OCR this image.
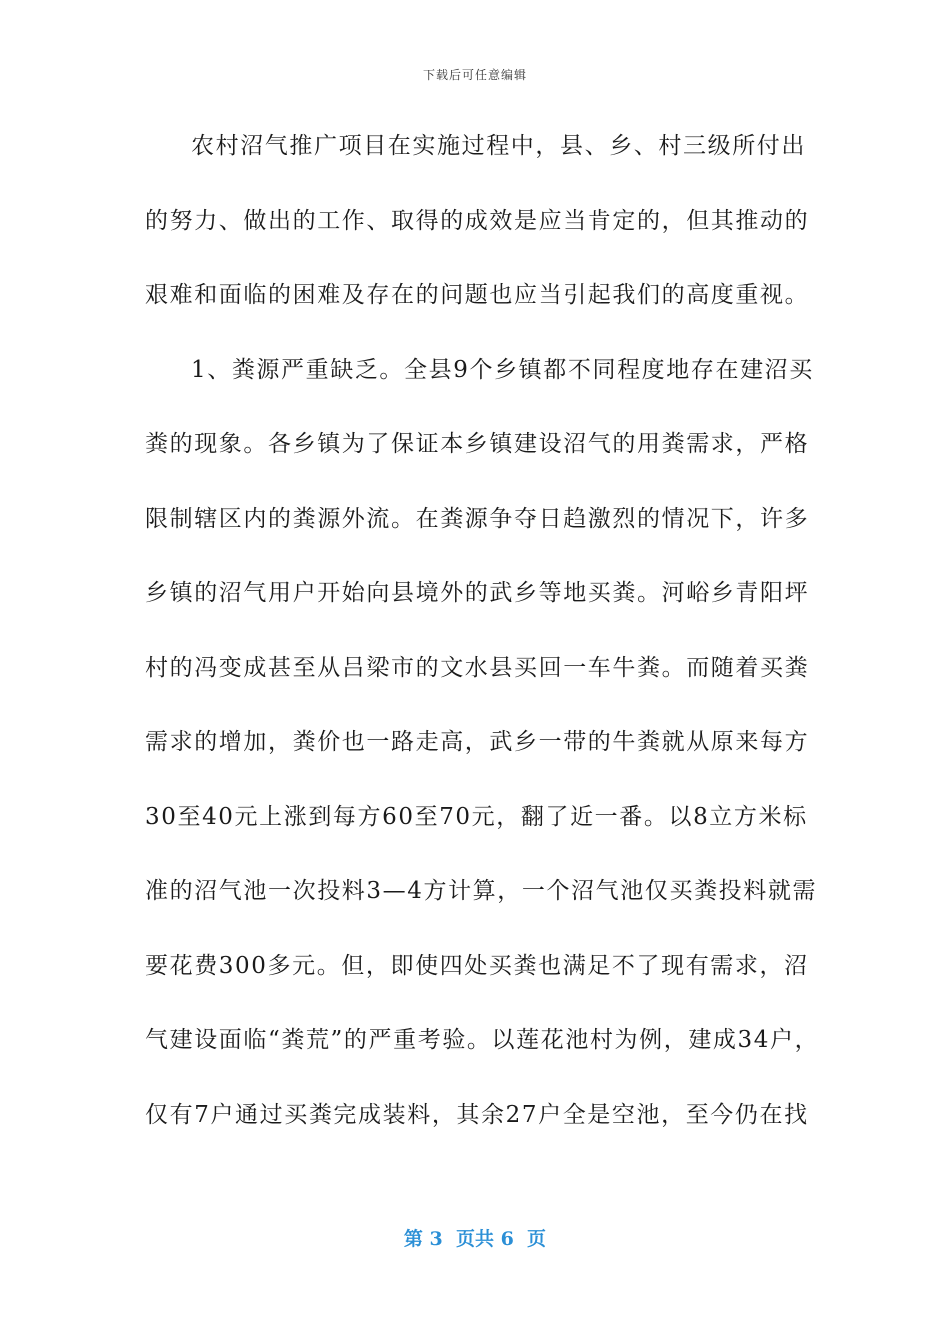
下载后可任意编辑
农村沼气推广项目在实施过程中，县、乡、村三级所付出
的努力、做出的工作、取得的成效是应当肯定的，但其推动的
艰难和面临的困难及存在的问题也应当引起我们的高度重视。
1、粪源严重缺乏。全县9个乡镇都不同程度地存在建沼买
粪的现象。各乡镇为了保证本乡镇建设沼气的用粪需求，严格
限制辖区内的粪源外流。在粪源争夺日趋激烈的情况下，许多
乡镇的沼气用户开始向县境外的武乡等地买粪。河峪乡青阳坪
村的冯变成甚至从吕梁市的文水县买回一车牛粪。而随着买粪
需求的增加，粪价也一路走高，武乡一带的牛粪就从原来每方
30至40元上涨到每方60至70元，翻了近一番。以8立方米标
准的沼气池一次投料3—4方计算，一个沼气池仅买粪投料就需
要花费300多元。但，即使四处买粪也满足不了现有需求，沼
气建设面临“粪荒”的严重考验。以莲花池村为例，建成34户，
仅有7户通过买粪完成装料，其余27户全是空池，至今仍在找
第 3  页共 6  页
